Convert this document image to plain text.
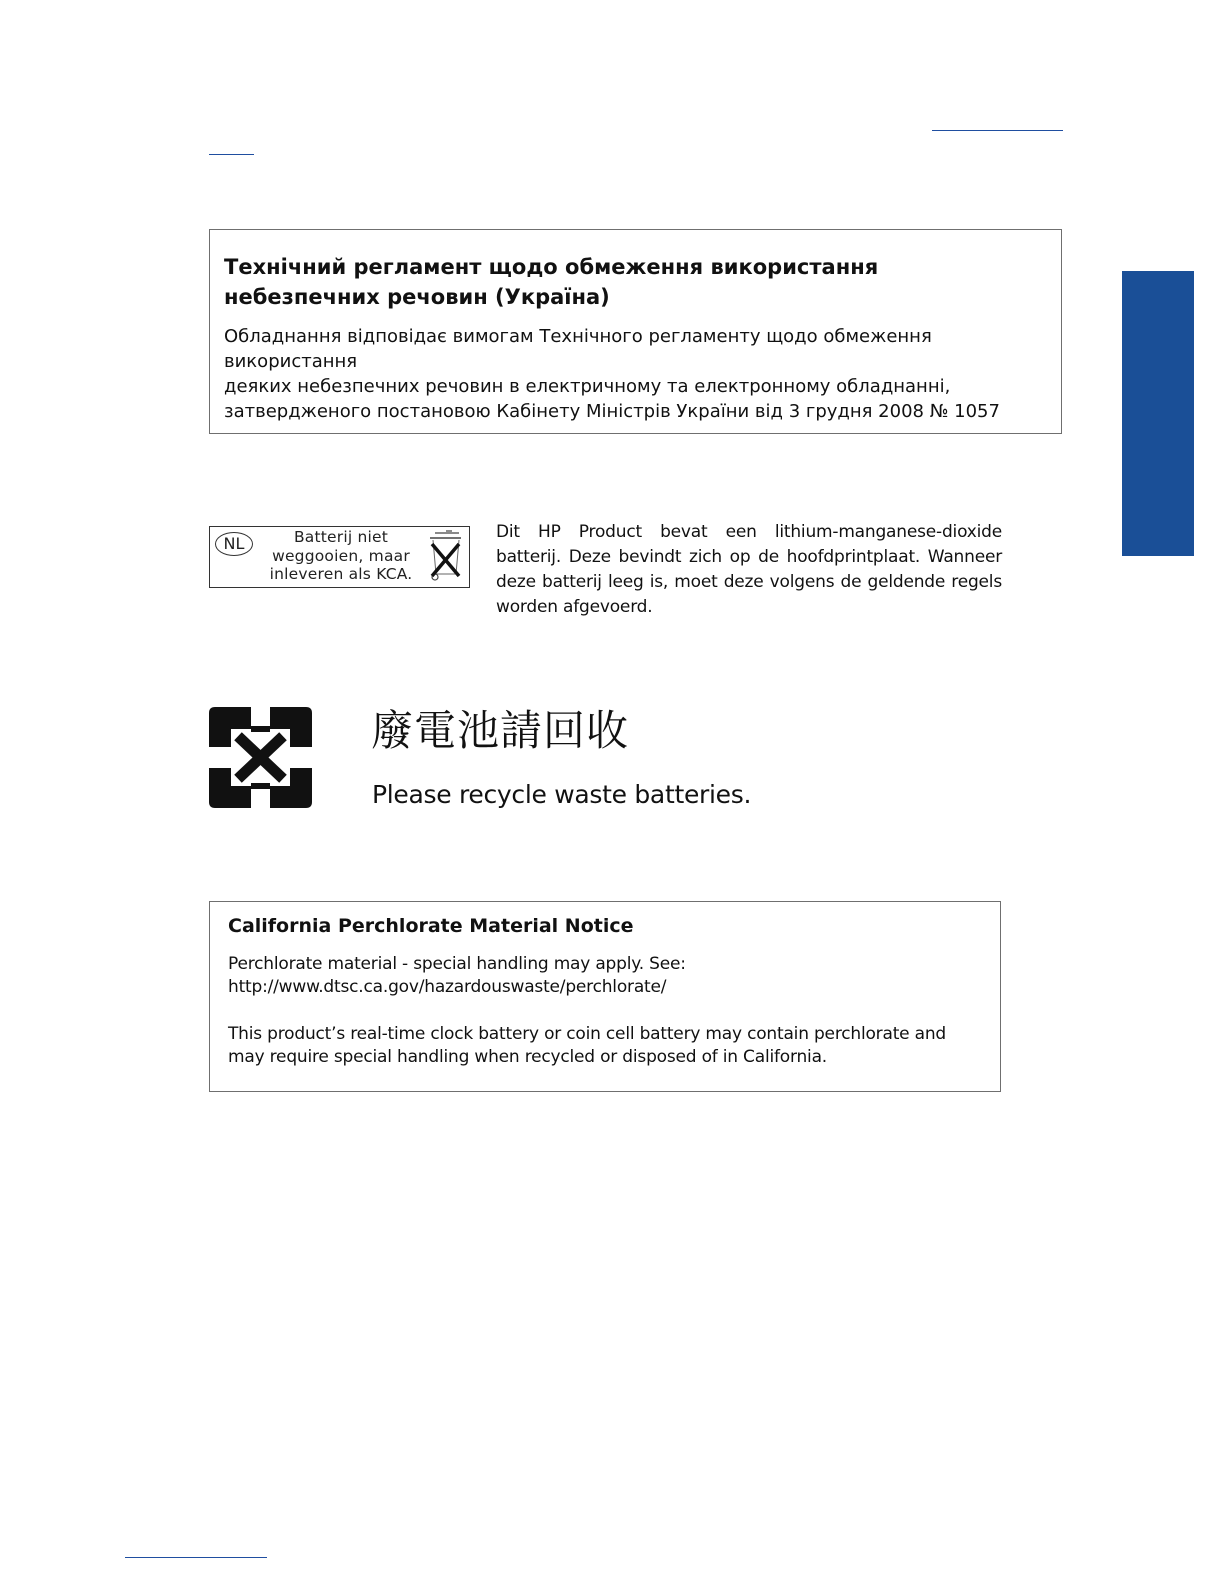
Технічний регламент щодо обмеження використання
небезпечних речовин (Україна)
Обладнання відповідає вимогам Технічного регламенту щодо обмеження використання
деяких небезпечних речовин в електричному та електронному обладнанні,
затвердженого постановою Кабінету Міністрів України від 3 грудня 2008 № 1057
NL	Batterij niet
weggooien, maar
inleveren als KCA.
Dit HP Product bevat een lithium-manganese-dioxide batterij. Deze bevindt zich op de hoofdprintplaat. Wanneer deze batterij leeg is, moet deze volgens de geldende regels worden afgevoerd.
廢電池請回收
Please recycle waste batteries.
California Perchlorate Material Notice
Perchlorate material - special handling may apply. See:
http://www.dtsc.ca.gov/hazardouswaste/perchlorate/
This product’s real-time clock battery or coin cell battery may contain perchlorate and
may require special handling when recycled or disposed of in California.
